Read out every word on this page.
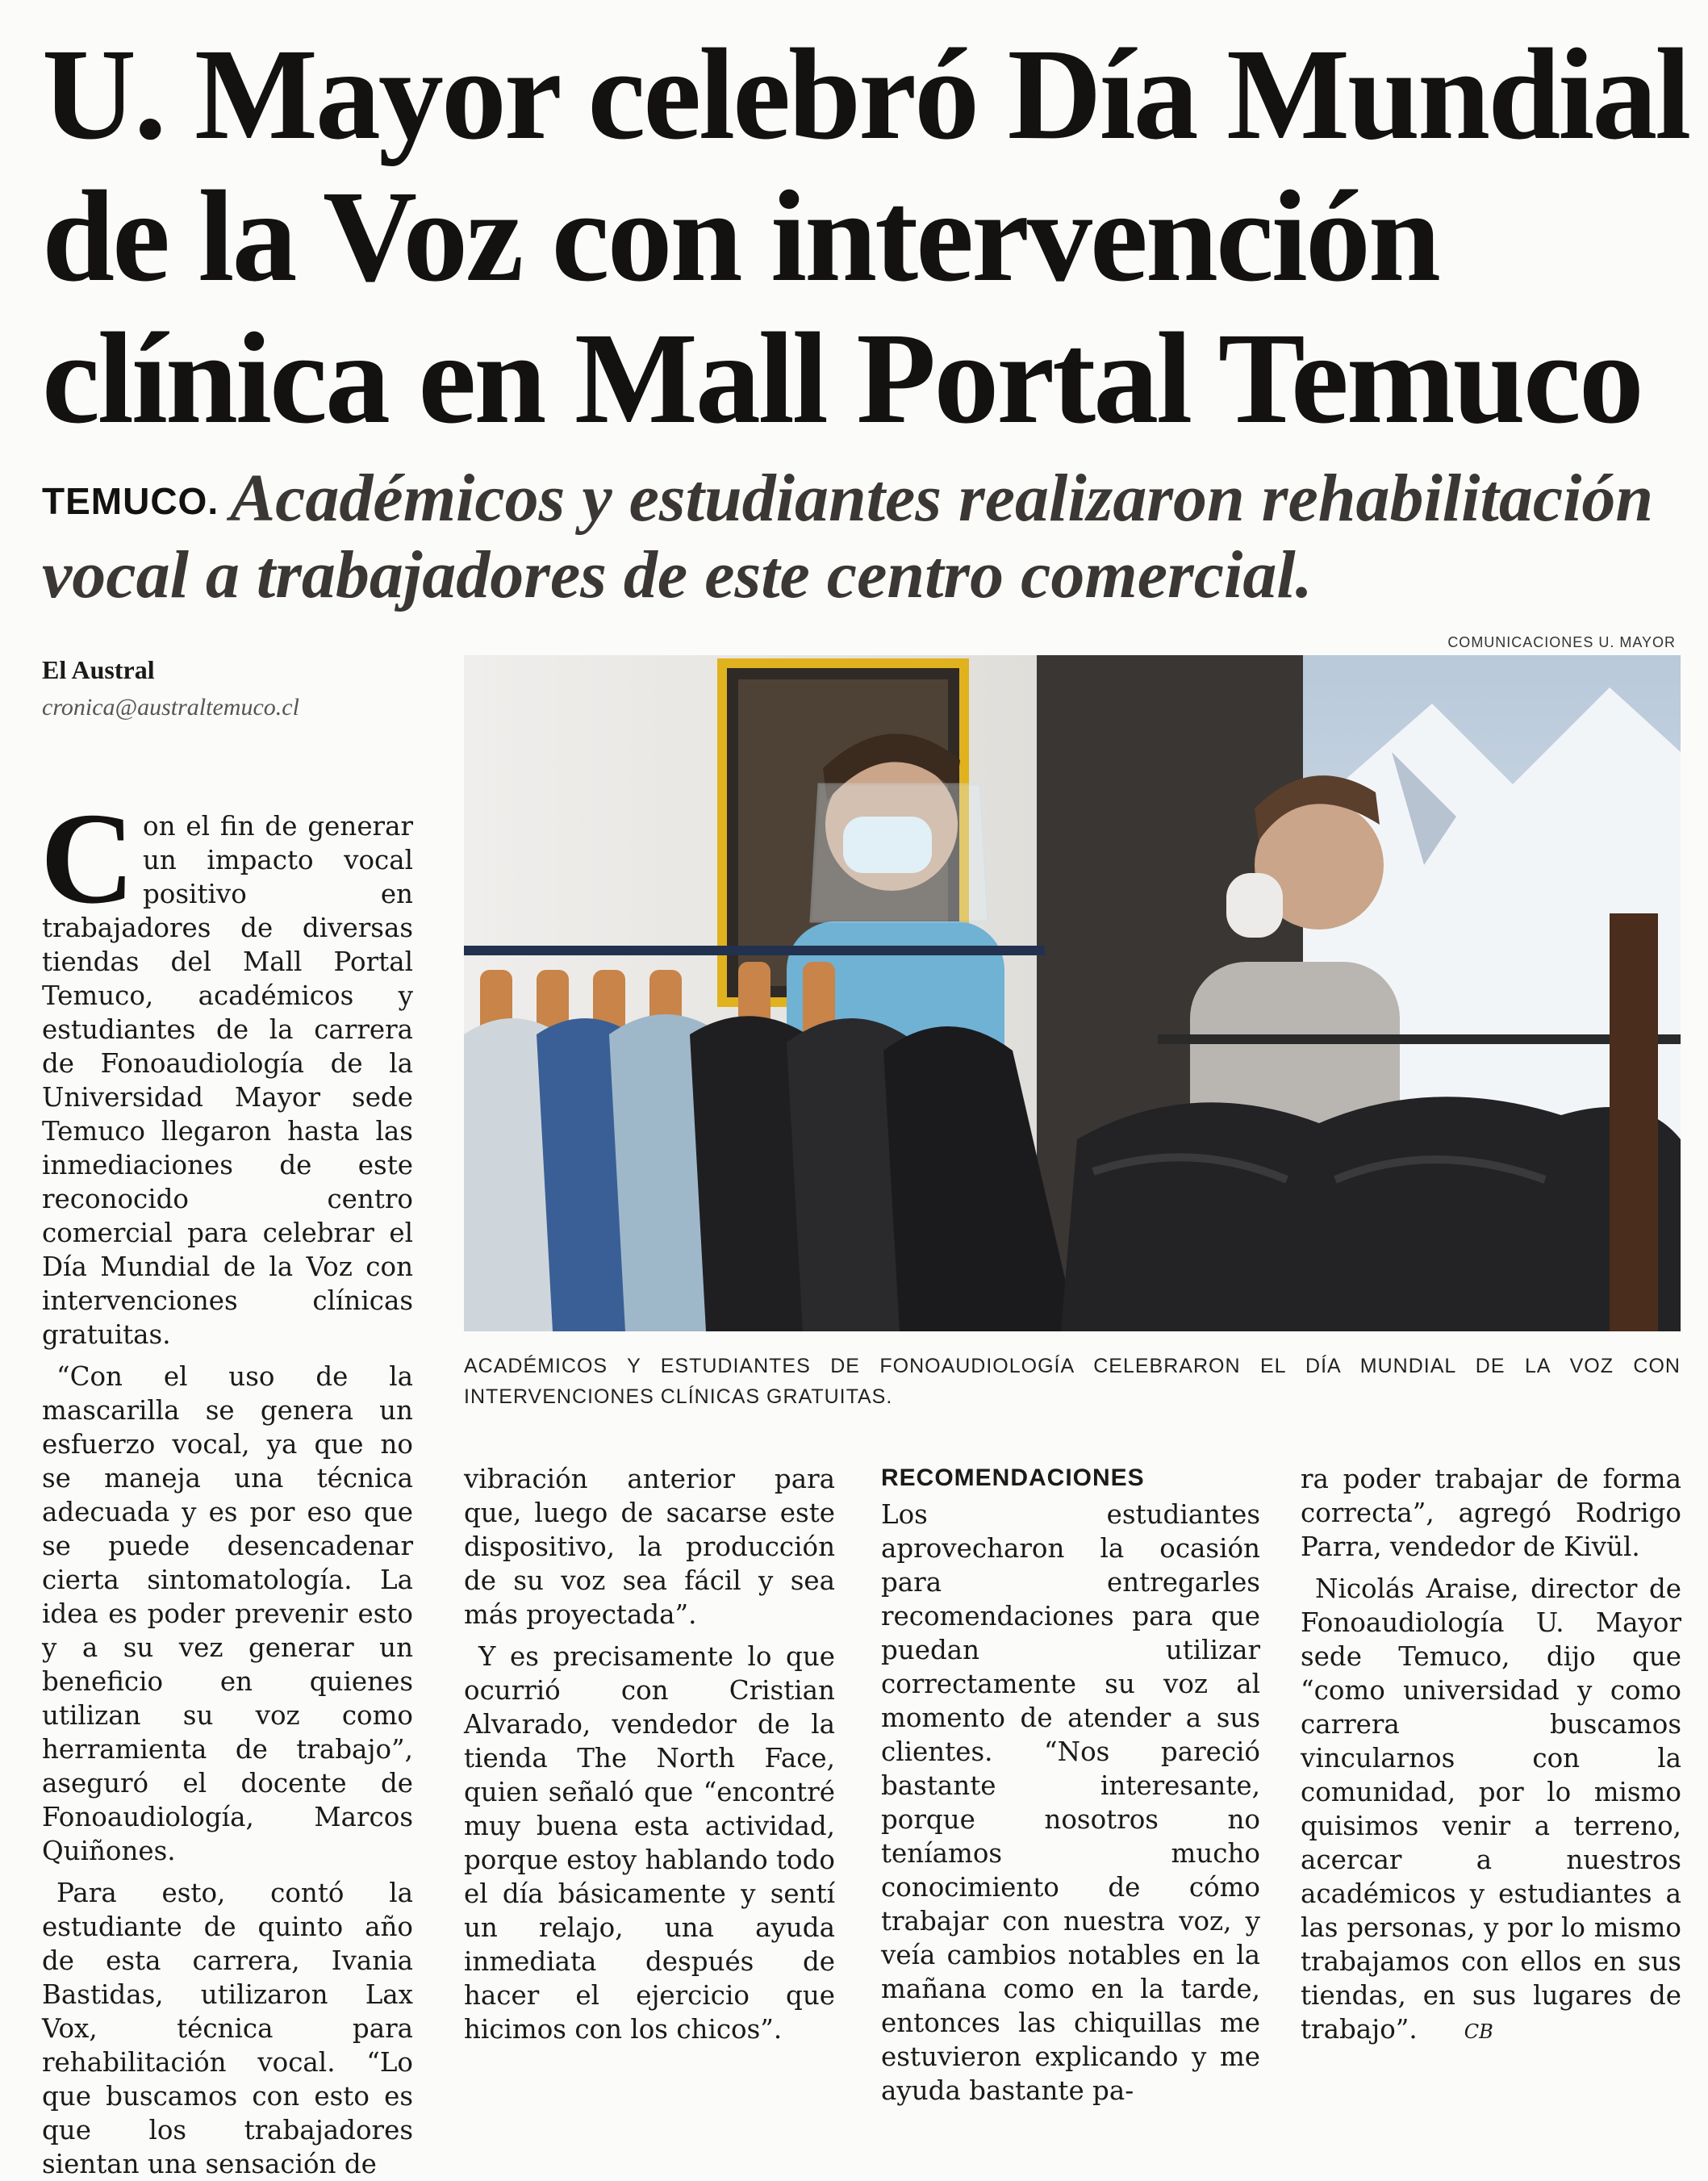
U. Mayor celebró Día Mundial
de la Voz con intervención
clínica en Mall Portal Temuco
TEMUCO. Académicos y estudiantes realizaron rehabilitación
vocal a trabajadores de este centro comercial.
El Austral
cronica@australtemuco.cl
COMUNICACIONES U. MAYOR
ACADÉMICOS Y ESTUDIANTES DE FONOAUDIOLOGÍA CELEBRARON EL DÍA MUNDIAL DE LA VOZ CON INTERVENCIONES CLÍNICAS GRATUITAS.

Con el fin de generar un impacto vocal positivo en trabajadores de diversas tiendas del Mall Portal Temuco, académicos y estudiantes de la carrera de Fonoaudiología de la Universidad Mayor sede Temuco llegaron hasta las inmediaciones de este reconocido centro comercial para celebrar el Día Mundial de la Voz con intervenciones clínicas gratuitas.

“Con el uso de la mascarilla se genera un esfuerzo vocal, ya que no se maneja una técnica adecuada y es por eso que se puede desencadenar cierta sintomatología. La idea es poder prevenir esto y a su vez generar un beneficio en quienes utilizan su voz como herramienta de trabajo”, aseguró el docente de Fonoaudiología, Marcos Quiñones.

Para esto, contó la estudiante de quinto año de esta carrera, Ivania Bastidas, utilizaron Lax Vox, técnica para rehabilitación vocal. “Lo que buscamos con esto es que los trabajadores sientan una sensación de

vibración anterior para que, luego de sacarse este dispositivo, la producción de su voz sea fácil y sea más proyectada”.

Y es precisamente lo que ocurrió con Cristian Alvarado, vendedor de la tienda The North Face, quien señaló que “encontré muy buena esta actividad, porque estoy hablando todo el día básicamente y sentí un relajo, una ayuda inmediata después de hacer el ejercicio que hicimos con los chicos”.

RECOMENDACIONES

Los estudiantes aprovecharon la ocasión para entregarles recomendaciones para que puedan utilizar correctamente su voz al momento de atender a sus clientes. “Nos pareció bastante interesante, porque nosotros no teníamos mucho conocimiento de cómo trabajar con nuestra voz, y veía cambios notables en la mañana como en la tarde, entonces las chiquillas me estuvieron explicando y me ayuda bastante pa-

ra poder trabajar de forma correcta”, agregó Rodrigo Parra, vendedor de Kivül.

Nicolás Araise, director de Fonoaudiología U. Mayor sede Temuco, dijo que “como universidad y como carrera buscamos vincularnos con la comunidad, por lo mismo quisimos venir a terreno, acercar a nuestros académicos y estudiantes a las personas, y por lo mismo trabajamos con ellos en sus tiendas, en sus lugares de trabajo”. CB
